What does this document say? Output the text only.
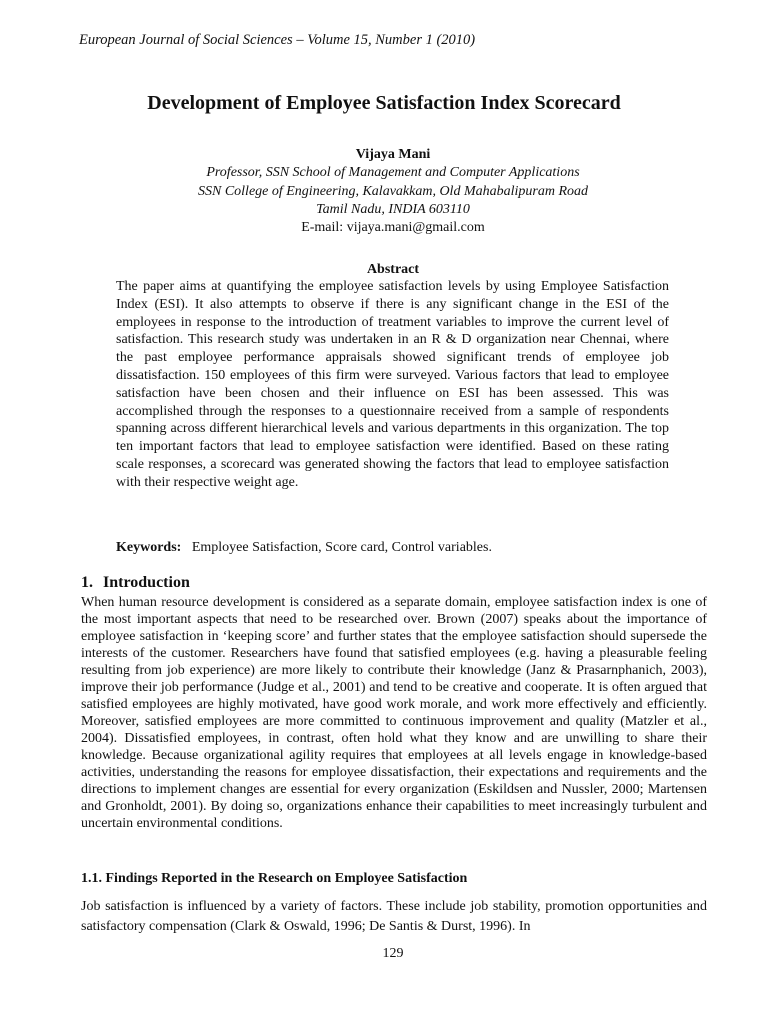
European Journal of Social Sciences – Volume 15, Number 1 (2010)
Development of Employee Satisfaction Index Scorecard
Vijaya Mani
Professor, SSN School of Management and Computer Applications
SSN College of Engineering, Kalavakkam, Old Mahabalipuram Road
Tamil Nadu, INDIA 603110
E-mail: vijaya.mani@gmail.com
Abstract

The paper aims at quantifying the employee satisfaction levels by using Employee Satisfaction Index (ESI). It also attempts to observe if there is any significant change in the ESI of the employees in response to the introduction of treatment variables to improve the current level of satisfaction. This research study was undertaken in an R & D organization near Chennai, where the past employee performance appraisals showed significant trends of employee job dissatisfaction. 150 employees of this firm were surveyed. Various factors that lead to employee satisfaction have been chosen and their influence on ESI has been assessed. This was accomplished through the responses to a questionnaire received from a sample of respondents spanning across different hierarchical levels and various departments in this organization. The top ten important factors that lead to employee satisfaction were identified. Based on these rating scale responses, a scorecard was generated showing the factors that lead to employee satisfaction with their respective weight age.

Keywords: Employee Satisfaction, Score card, Control variables.
1. Introduction

When human resource development is considered as a separate domain, employee satisfaction index is one of the most important aspects that need to be researched over. Brown (2007) speaks about the importance of employee satisfaction in ‘keeping score’ and further states that the employee satisfaction should supersede the interests of the customer. Researchers have found that satisfied employees (e.g. having a pleasurable feeling resulting from job experience) are more likely to contribute their knowledge (Janz & Prasarnphanich, 2003), improve their job performance (Judge et al., 2001) and tend to be creative and cooperate. It is often argued that satisfied employees are highly motivated, have good work morale, and work more effectively and efficiently. Moreover, satisfied employees are more committed to continuous improvement and quality (Matzler et al., 2004). Dissatisfied employees, in contrast, often hold what they know and are unwilling to share their knowledge. Because organizational agility requires that employees at all levels engage in knowledge-based activities, understanding the reasons for employee dissatisfaction, their expectations and requirements and the directions to implement changes are essential for every organization (Eskildsen and Nussler, 2000; Martensen and Gronholdt, 2001). By doing so, organizations enhance their capabilities to meet increasingly turbulent and uncertain environmental conditions.

1.1. Findings Reported in the Research on Employee Satisfaction

Job satisfaction is influenced by a variety of factors. These include job stability, promotion opportunities and satisfactory compensation (Clark & Oswald, 1996; De Santis & Durst, 1996). In

129
